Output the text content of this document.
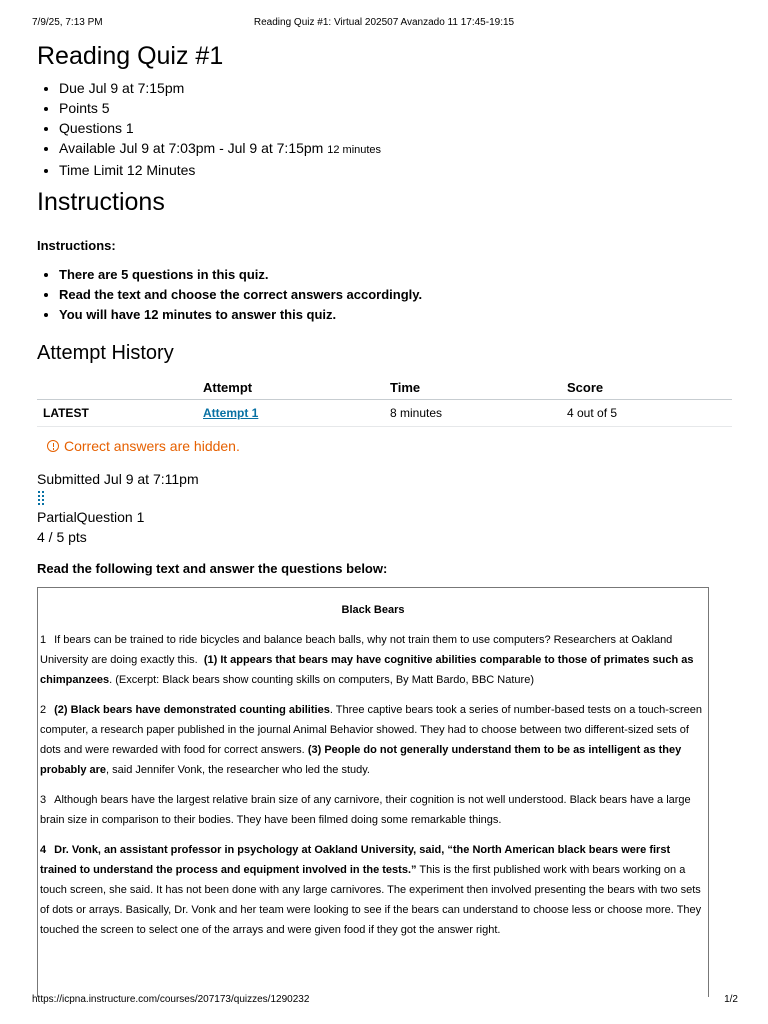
7/9/25, 7:13 PM	Reading Quiz #1: Virtual 202507 Avanzado 11 17:45-19:15
Reading Quiz #1
• Due Jul 9 at 7:15pm
• Points 5
• Questions 1
• Available Jul 9 at 7:03pm - Jul 9 at 7:15pm 12 minutes
• Time Limit 12 Minutes
Instructions
Instructions:
• There are 5 questions in this quiz.
• Read the text and choose the correct answers accordingly.
• You will have 12 minutes to answer this quiz.
Attempt History
	Attempt	Time	Score
LATEST	Attempt 1	8 minutes	4 out of 5
Correct answers are hidden.
Submitted Jul 9 at 7:11pm
PartialQuestion 1
4 / 5 pts
Read the following text and answer the questions below:
Black Bears

1 If bears can be trained to ride bicycles and balance beach balls, why not train them to use computers? Researchers at Oakland University are doing exactly this. (1) It appears that bears may have cognitive abilities comparable to those of primates such as chimpanzees. (Excerpt: Black bears show counting skills on computers, By Matt Bardo, BBC Nature)

2 (2) Black bears have demonstrated counting abilities. Three captive bears took a series of number-based tests on a touch-screen computer, a research paper published in the journal Animal Behavior showed. They had to choose between two different-sized sets of dots and were rewarded with food for correct answers. (3) People do not generally understand them to be as intelligent as they probably are, said Jennifer Vonk, the researcher who led the study.

3 Although bears have the largest relative brain size of any carnivore, their cognition is not well understood. Black bears have a large brain size in comparison to their bodies. They have been filmed doing some remarkable things.

4 Dr. Vonk, an assistant professor in psychology at Oakland University, said, “the North American black bears were first trained to understand the process and equipment involved in the tests.” This is the first published work with bears working on a touch screen, she said. It has not been done with any large carnivores. The experiment then involved presenting the bears with two sets of dots or arrays. Basically, Dr. Vonk and her team were looking to see if the bears can understand to choose less or choose more. They touched the screen to select one of the arrays and were given food if they got the answer right.

https://icpna.instructure.com/courses/207173/quizzes/1290232	1/2
